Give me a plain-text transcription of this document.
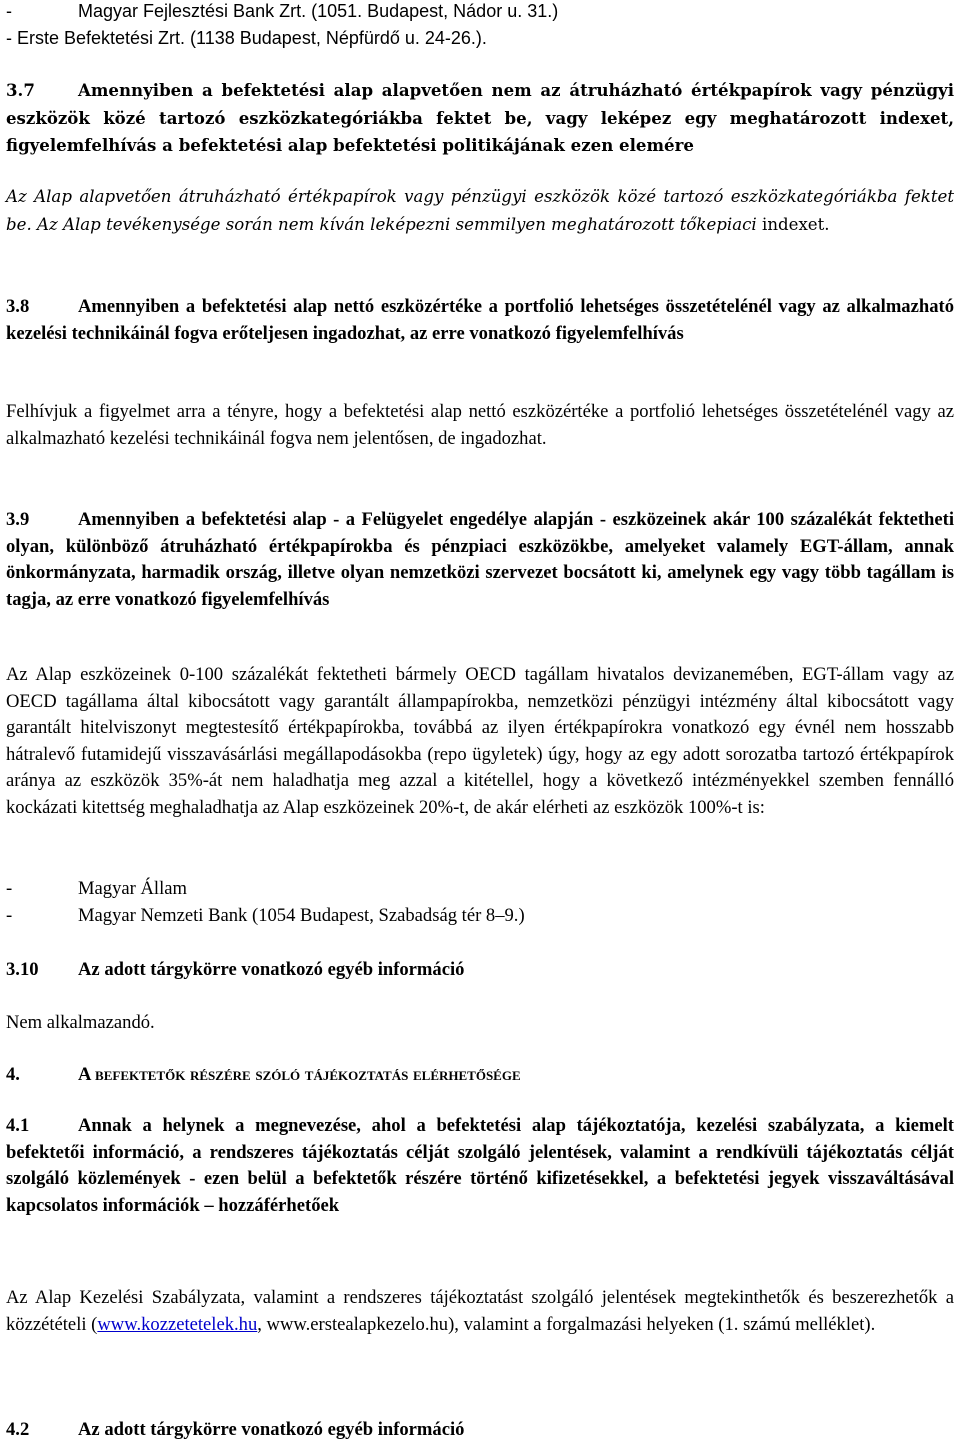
-	Magyar Fejlesztési Bank Zrt. (1051. Budapest, Nádor u. 31.)
- Erste Befektetési Zrt. (1138 Budapest, Népfürdő u. 24-26.).
3.7	Amennyiben a befektetési alap alapvetően nem az átruházható értékpapírok vagy pénzügyi eszközök közé tartozó eszközkategóriákba fektet be, vagy leképez egy meghatározott indexet, figyelemfelhívás a befektetési alap befektetési politikájának ezen elemére
Az Alap alapvetően átruházható értékpapírok vagy pénzügyi eszközök közé tartozó eszközkategóriákba fektet be. Az Alap tevékenysége során nem kíván leképezni semmilyen meghatározott tőkepiaci indexet.
3.8	Amennyiben a befektetési alap nettó eszközértéke a portfolió lehetséges összetételénél vagy az alkalmazható kezelési technikáinál fogva erőteljesen ingadozhat, az erre vonatkozó figyelemfelhívás
Felhívjuk a figyelmet arra a tényre, hogy a befektetési alap nettó eszközértéke a portfolió lehetséges összetételénél vagy az alkalmazható kezelési technikáinál fogva nem jelentősen, de ingadozhat.
3.9	Amennyiben a befektetési alap - a Felügyelet engedélye alapján - eszközeinek akár 100 százalékát fektetheti olyan, különböző átruházható értékpapírokba és pénzpiaci eszközökbe, amelyeket valamely EGT-állam, annak önkormányzata, harmadik ország, illetve olyan nemzetközi szervezet bocsátott ki, amelynek egy vagy több tagállam is tagja, az erre vonatkozó figyelemfelhívás
Az Alap eszközeinek 0-100 százalékát fektetheti bármely OECD tagállam hivatalos devizanemében, EGT-állam vagy az OECD tagállama által kibocsátott vagy garantált állampapírokba, nemzetközi pénzügyi intézmény által kibocsátott vagy garantált hitelviszonyt megtestesítő értékpapírokba, továbbá az ilyen értékpapírokra vonatkozó egy évnél nem hosszabb hátralevő futamidejű visszavásárlási megállapodásokba (repo ügyletek) úgy, hogy az egy adott sorozatba tartozó értékpapírok aránya az eszközök 35%-át nem haladhatja meg azzal a kitétellel, hogy a következő intézményekkel szemben fennálló kockázati kitettség meghaladhatja az Alap eszközeinek 20%-t, de akár elérheti az eszközök 100%-t is:
-	Magyar Állam
-	Magyar Nemzeti Bank (1054 Budapest, Szabadság tér 8–9.)
3.10 Az adott tárgykörre vonatkozó egyéb információ
Nem alkalmazandó.
4.	A befektetők részére szóló tájékoztatás elérhetősége
4.1	Annak a helynek a megnevezése, ahol a befektetési alap tájékoztatója, kezelési szabályzata, a kiemelt befektetői információ, a rendszeres tájékoztatás célját szolgáló jelentések, valamint a rendkívüli tájékoztatás célját szolgáló közlemények - ezen belül a befektetők részére történő kifizetésekkel, a befektetési jegyek visszaváltásával kapcsolatos információk – hozzáférhetőek
Az Alap Kezelési Szabályzata, valamint a rendszeres tájékoztatást szolgáló jelentések megtekinthetők és beszerezhetők a közzétételi (www.kozzetetelek.hu, www.erstealapkezelo.hu), valamint a forgalmazási helyeken (1. számú melléklet).
4.2	Az adott tárgykörre vonatkozó egyéb információ
